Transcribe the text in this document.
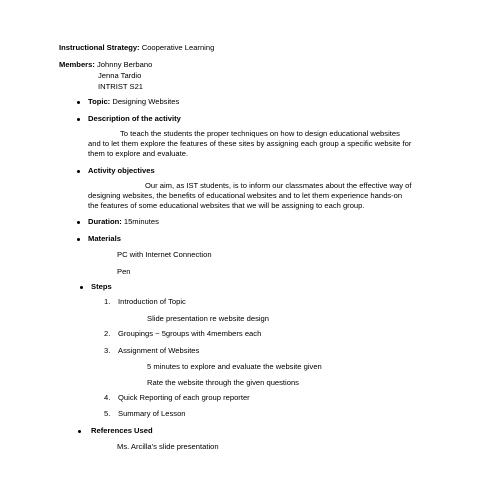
Instructional Strategy: Cooperative Learning
Members: Johnny Berbano
Jenna Tardio
INTRIST S21
Topic: Designing Websites
Description of the activity
To teach the students the proper techniques on how to design educational websites
and to let them explore the features of these sites by assigning each group a specific website for
them to explore and evaluate.
Activity objectives
Our aim, as IST students, is to inform our classmates about the effective way of
designing websites, the benefits of educational websites and to let them experience hands-on
the features of some educational websites that we will be assigning to each group.
Duration: 15minutes
Materials
PC with Internet Connection
Pen
Steps
1. Introduction of Topic
Slide presentation re website design
2. Groupings ~ 5groups with 4members each
3. Assignment of Websites
5 minutes to explore and evaluate the website given
Rate the website through the given questions
4. Quick Reporting of each group reporter
5. Summary of Lesson
References Used
Ms. Arcilla’s slide presentation
